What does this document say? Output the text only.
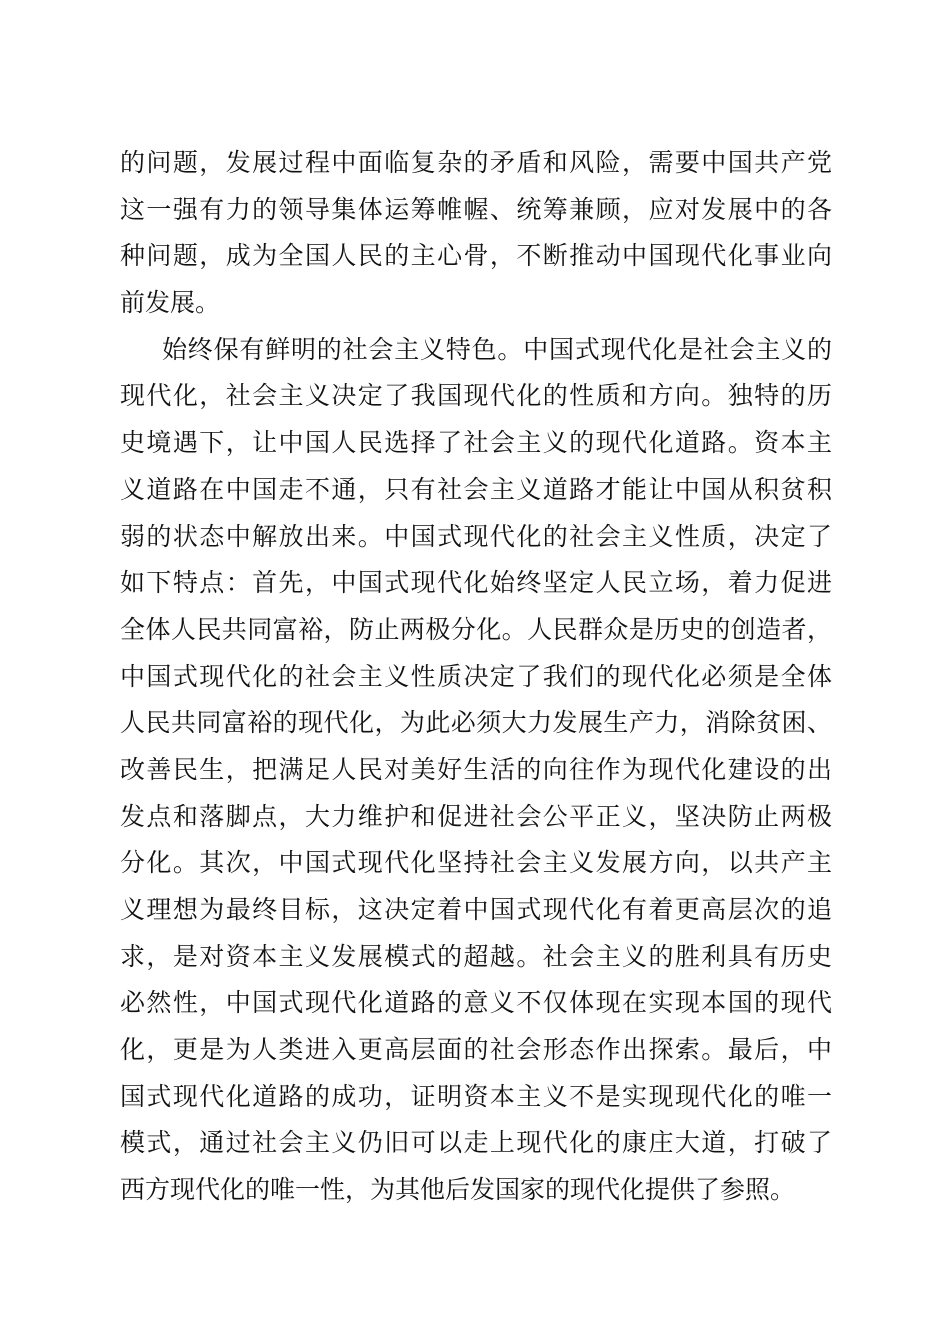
的问题，发展过程中面临复杂的矛盾和风险，需要中国共产党
这一强有力的领导集体运筹帷幄、统筹兼顾，应对发展中的各
种问题，成为全国人民的主心骨，不断推动中国现代化事业向
前发展。
始终保有鲜明的社会主义特色。中国式现代化是社会主义的
现代化，社会主义决定了我国现代化的性质和方向。独特的历
史境遇下，让中国人民选择了社会主义的现代化道路。资本主
义道路在中国走不通，只有社会主义道路才能让中国从积贫积
弱的状态中解放出来。中国式现代化的社会主义性质，决定了
如下特点：首先，中国式现代化始终坚定人民立场，着力促进
全体人民共同富裕，防止两极分化。人民群众是历史的创造者，
中国式现代化的社会主义性质决定了我们的现代化必须是全体
人民共同富裕的现代化，为此必须大力发展生产力，消除贫困、
改善民生，把满足人民对美好生活的向往作为现代化建设的出
发点和落脚点，大力维护和促进社会公平正义，坚决防止两极
分化。其次，中国式现代化坚持社会主义发展方向，以共产主
义理想为最终目标，这决定着中国式现代化有着更高层次的追
求，是对资本主义发展模式的超越。社会主义的胜利具有历史
必然性，中国式现代化道路的意义不仅体现在实现本国的现代
化，更是为人类进入更高层面的社会形态作出探索。最后，中
国式现代化道路的成功，证明资本主义不是实现现代化的唯一
模式，通过社会主义仍旧可以走上现代化的康庄大道，打破了
西方现代化的唯一性，为其他后发国家的现代化提供了参照。
